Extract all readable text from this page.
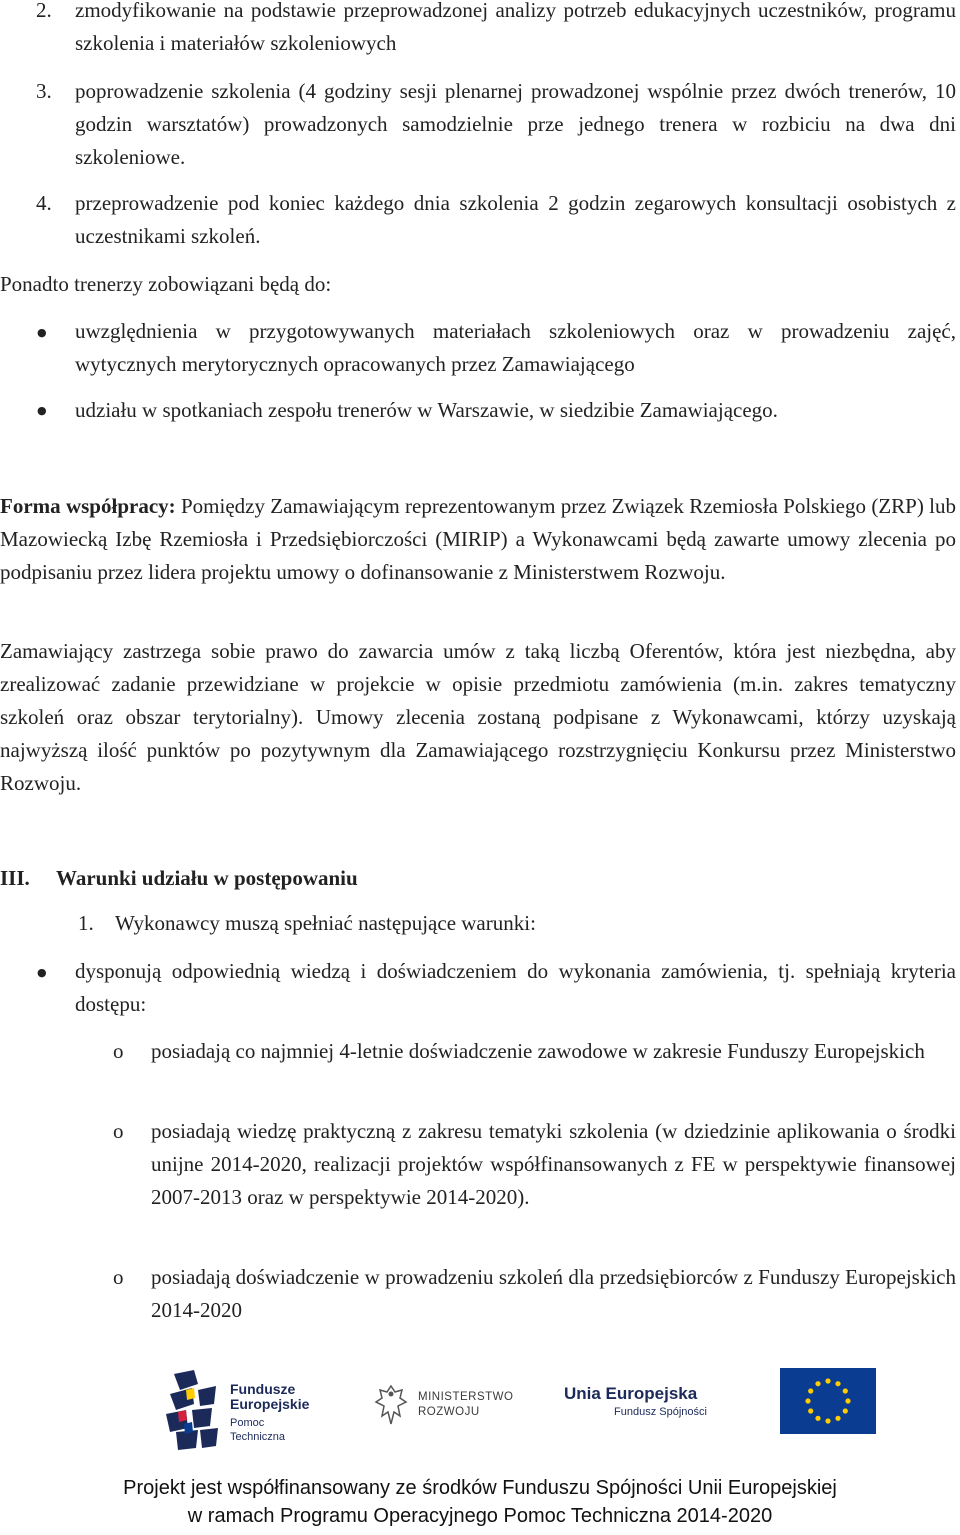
2. zmodyfikowanie na podstawie przeprowadzonej analizy potrzeb edukacyjnych uczestników, programu szkolenia i materiałów szkoleniowych

3. poprowadzenie szkolenia (4 godziny sesji plenarnej prowadzonej wspólnie przez dwóch trenerów, 10 godzin warsztatów) prowadzonych samodzielnie prze jednego trenera w rozbiciu na dwa dni szkoleniowe.

4. przeprowadzenie pod koniec każdego dnia szkolenia 2 godzin zegarowych konsultacji osobistych z uczestnikami szkoleń.

Ponadto trenerzy zobowiązani będą do:

● uwzględnienia w przygotowywanych materiałach szkoleniowych oraz w prowadzeniu zajęć, wytycznych merytorycznych opracowanych przez Zamawiającego

● udziału w spotkaniach zespołu trenerów w Warszawie, w siedzibie Zamawiającego.

Forma współpracy: Pomiędzy Zamawiającym reprezentowanym przez Związek Rzemiosła Polskiego (ZRP) lub Mazowiecką Izbę Rzemiosła i Przedsiębiorczości (MIRIP) a Wykonawcami będą zawarte umowy zlecenia po podpisaniu przez lidera projektu umowy o dofinansowanie z Ministerstwem Rozwoju.

Zamawiający zastrzega sobie prawo do zawarcia umów z taką liczbą Oferentów, która jest niezbędna, aby zrealizować zadanie przewidziane w projekcie w opisie przedmiotu zamówienia (m.in. zakres tematyczny szkoleń oraz obszar terytorialny). Umowy zlecenia zostaną podpisane z Wykonawcami, którzy uzyskają najwyższą ilość punktów po pozytywnym dla Zamawiającego rozstrzygnięciu Konkursu przez Ministerstwo Rozwoju.

III. Warunki udziału w postępowaniu
1. Wykonawcy muszą spełniać następujące warunki:
● dysponują odpowiednią wiedzą i doświadczeniem do wykonania zamówienia, tj. spełniają kryteria dostępu:

o posiadają co najmniej 4-letnie doświadczenie zawodowe w zakresie Funduszy Europejskich

o posiadają wiedzę praktyczną z zakresu tematyki szkolenia (w dziedzinie aplikowania o środki unijne 2014-2020, realizacji projektów współfinansowanych z FE w perspektywie finansowej 2007-2013 oraz w perspektywie 2014-2020).

o posiadają doświadczenie w prowadzeniu szkoleń dla przedsiębiorców z Funduszy Europejskich 2014-2020

Fundusze
Europejskie
Pomoc Techniczna
MINISTERSTWO
ROZWOJU
Unia Europejska
Fundusz Spójności
Projekt jest współfinansowany ze środków Funduszu Spójności Unii Europejskiej
w ramach Programu Operacyjnego Pomoc Techniczna 2014-2020
